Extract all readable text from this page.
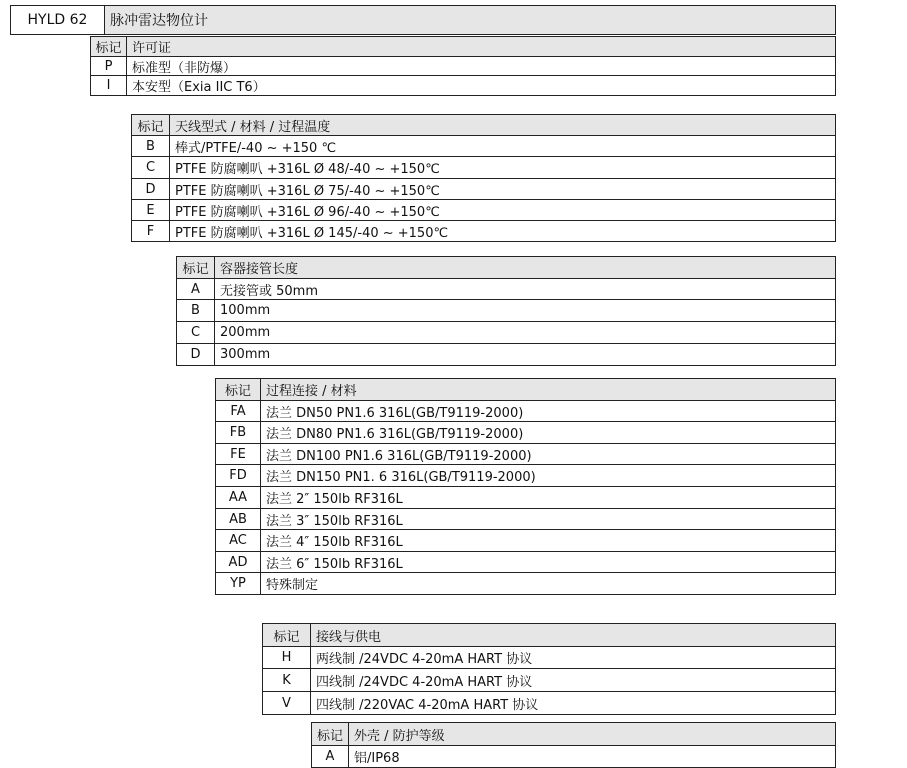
HYLD 62	脉冲雷达物位计
标记 许可证
P	标准型（非防爆）
I	本安型（Exia IIC T6）
标记 天线型式 / 材料 / 过程温度
B	棒式/PTFE/-40 ~ +150 ℃
C	PTFE 防腐喇叭 +316L Ø 48/-40 ~ +150℃
D	PTFE 防腐喇叭 +316L Ø 75/-40 ~ +150℃
E	PTFE 防腐喇叭 +316L Ø 96/-40 ~ +150℃
F	PTFE 防腐喇叭 +316L Ø 145/-40 ~ +150℃
标记 容器接管长度
A	无接管或 50mm
B	100mm
C	200mm
D	300mm
标记	过程连接 / 材料
FA	法兰 DN50 PN1.6 316L(GB/T9119-2000)
FB	法兰 DN80 PN1.6 316L(GB/T9119-2000)
FE	法兰 DN100 PN1.6 316L(GB/T9119-2000)
FD	法兰 DN150 PN1. 6 316L(GB/T9119-2000)
AA	法兰 2″ 150lb RF316L
AB	法兰 3″ 150lb RF316L
AC	法兰 4″ 150lb RF316L
AD	法兰 6″ 150lb RF316L
YP	特殊制定
标记	接线与供电
H	两线制 /24VDC 4-20mA HART 协议
K	四线制 /24VDC 4-20mA HART 协议
V	四线制 /220VAC 4-20mA HART 协议
标记 外壳 / 防护等级
A	铝/IP68
